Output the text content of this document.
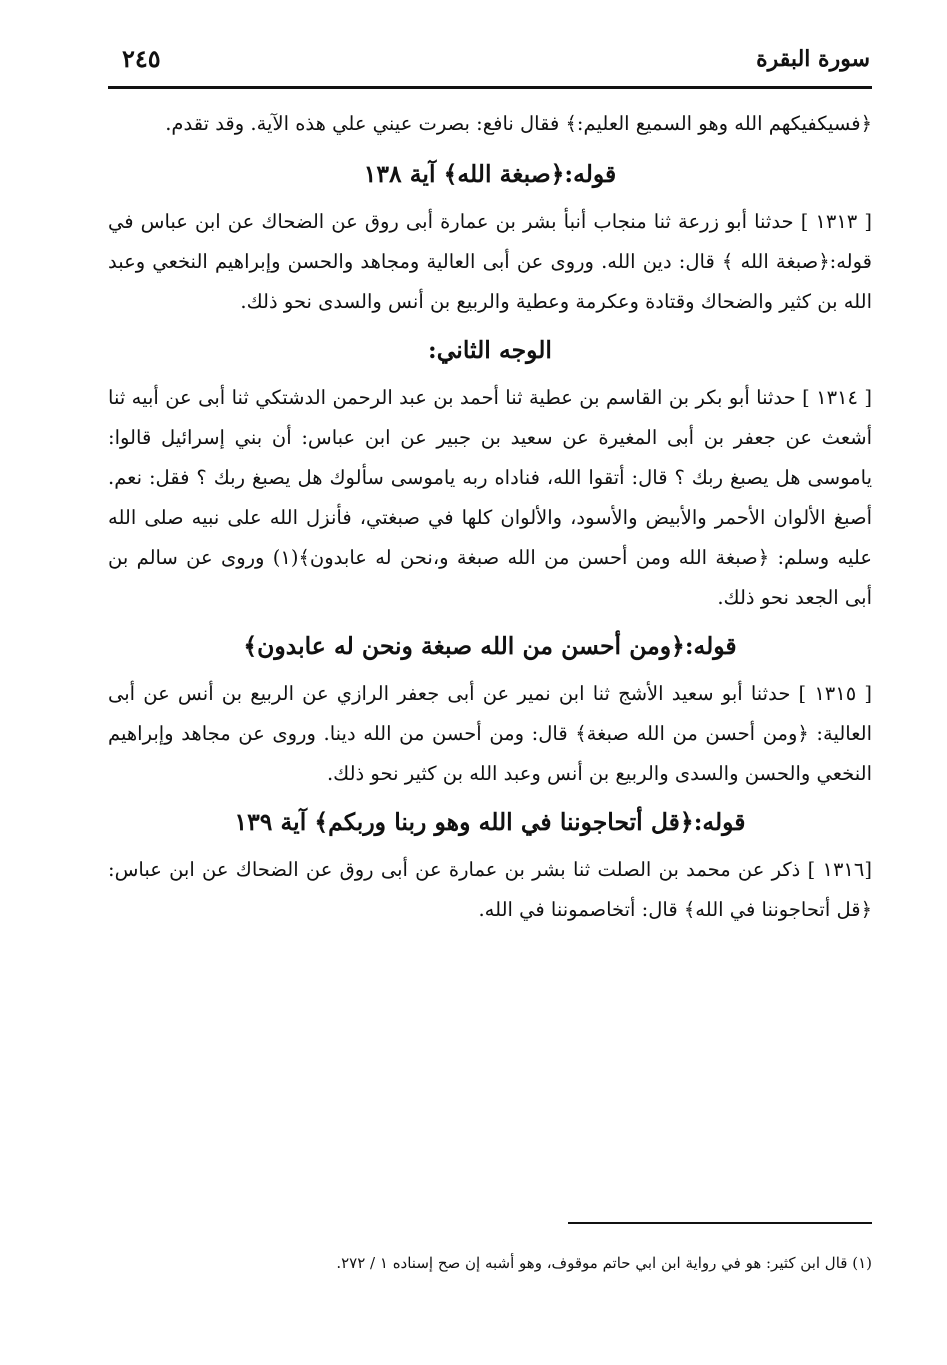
سورة البقرة
٢٤٥

﴿فسيكفيكهم الله وهو السميع العليم:﴾ فقال نافع: بصرت عيني علي هذه الآية. وقد تقدم.

قوله:﴿صبغة الله﴾ آية ١٣٨

[ ١٣١٣ ] حدثنا أبو زرعة ثنا منجاب أنبأ بشر بن عمارة أبى روق عن الضحاك عن ابن عباس في قوله:﴿صبغة الله ﴾ قال: دين الله. وروى عن أبى العالية ومجاهد والحسن وإبراهيم النخعي وعبد الله بن كثير والضحاك وقتادة وعكرمة وعطية والربيع بن أنس والسدى نحو ذلك.

الوجه الثاني:

[ ١٣١٤ ] حدثنا أبو بكر بن القاسم بن عطية ثنا أحمد بن عبد الرحمن الدشتكي ثنا أبى عن أبيه ثنا أشعث عن جعفر بن أبى المغيرة عن سعيد بن جبير عن ابن عباس: أن بني إسرائيل قالوا: ياموسى هل يصبغ ربك ؟ قال: أتقوا الله، فناداه ربه ياموسى سألوك هل يصبغ ربك ؟ فقل: نعم. أصبغ الألوان الأحمر والأبيض والأسود، والألوان كلها في صبغتي، فأنزل الله على نبيه صلى الله عليه وسلم: ﴿صبغة الله ومن أحسن من الله صبغة و،نحن له عابدون﴾(١) وروى عن سالم بن أبى الجعد نحو ذلك.

قوله:﴿ومن أحسن من الله صبغة ونحن له عابدون﴾

[ ١٣١٥ ] حدثنا أبو سعيد الأشج ثنا ابن نمير عن أبى جعفر الرازي عن الربيع بن أنس عن أبى العالية: ﴿ومن أحسن من الله صبغة﴾ قال: ومن أحسن من الله دينا. وروى عن مجاهد وإبراهيم النخعي والحسن والسدى والربيع بن أنس وعبد الله بن كثير نحو ذلك.

قوله:﴿قل أتحاجوننا في الله وهو ربنا وربكم﴾ آية ١٣٩

[١٣١٦ ] ذكر عن محمد بن الصلت ثنا بشر بن عمارة عن أبى روق عن الضحاك عن ابن عباس: ﴿قل أتحاجوننا في الله﴾ قال: أتخاصموننا في الله.

(١) قال ابن كثير: هو في رواية ابن ابي حاتم موقوف، وهو أشبه إن صح إسناده ١ / ٢٧٢.
